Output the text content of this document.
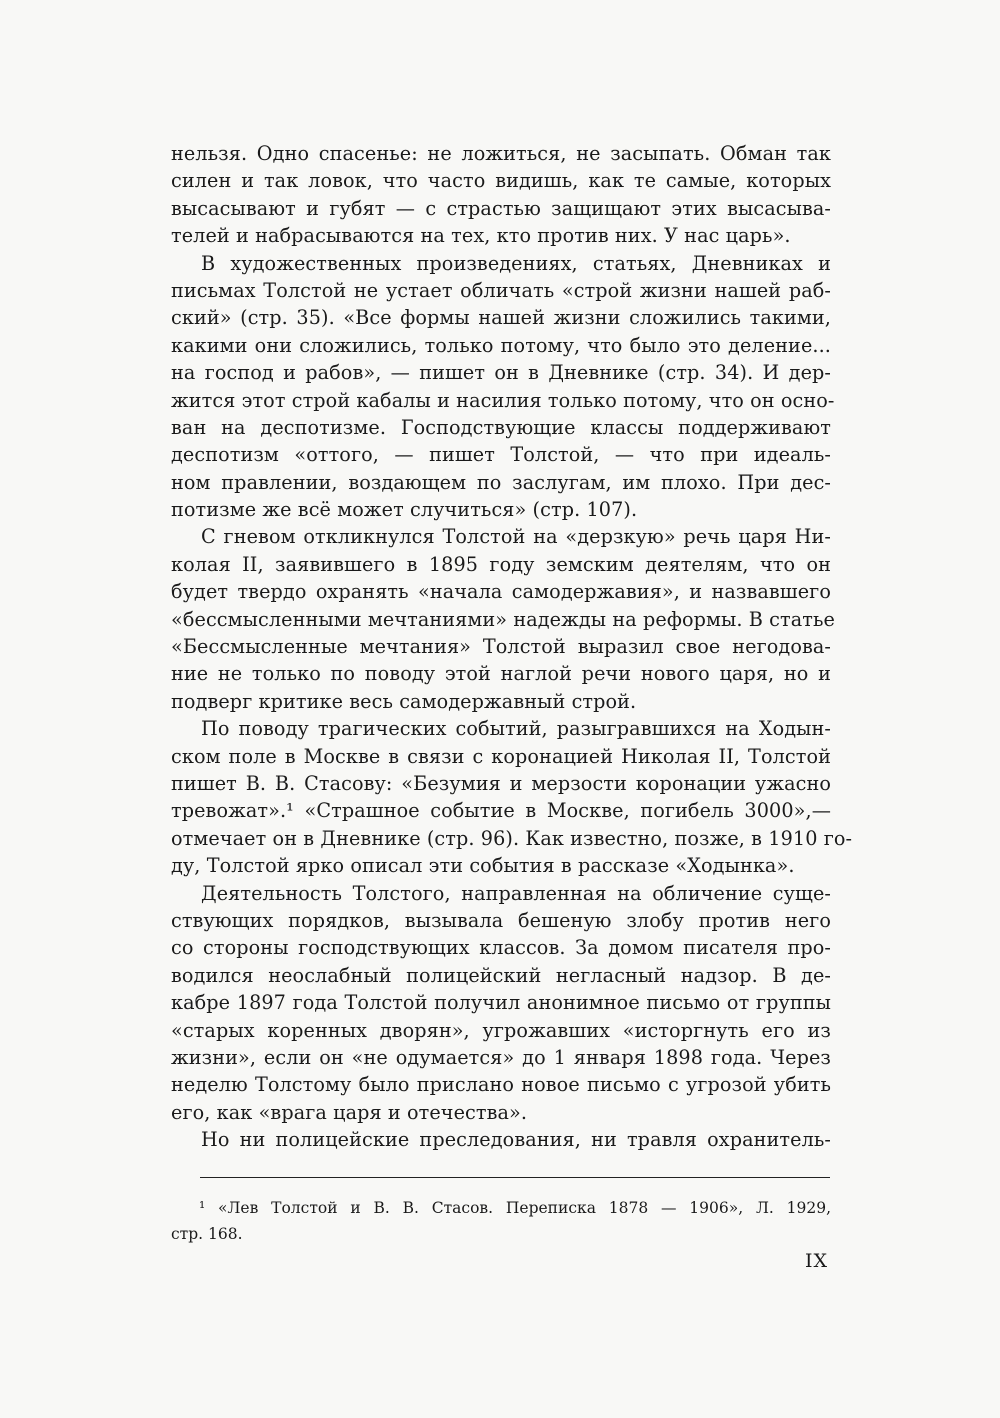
нельзя. Одно спасенье: не ложиться, не засыпать. Обман так
силен и так ловок, что часто видишь, как те самые, которых
высасывают и губят — с страстью защищают этих высасыва-
телей и набрасываются на тех, кто против них. У нас царь».
В художественных произведениях, статьях, Дневниках и
письмах Толстой не устает обличать «строй жизни нашей раб-
ский» (стр. 35). «Все формы нашей жизни сложились такими,
какими они сложились, только потому, что было это деление...
на господ и рабов», — пишет он в Дневнике (стр. 34). И дер-
жится этот строй кабалы и насилия только потому, что он осно-
ван на деспотизме. Господствующие классы поддерживают
деспотизм «оттого, — пишет Толстой, — что при идеаль-
ном правлении, воздающем по заслугам, им плохо. При дес-
потизме же всё может случиться» (стр. 107).
С гневом откликнулся Толстой на «дерзкую» речь царя Ни-
колая II, заявившего в 1895 году земским деятелям, что он
будет твердо охранять «начала самодержавия», и назвавшего
«бессмысленными мечтаниями» надежды на реформы. В статье
«Бессмысленные мечтания» Толстой выразил свое негодова-
ние не только по поводу этой наглой речи нового царя, но и
подверг критике весь самодержавный строй.
По поводу трагических событий, разыгравшихся на Ходын-
ском поле в Москве в связи с коронацией Николая II, Толстой
пишет В. В. Стасову: «Безумия и мерзости коронации ужасно
тревожат».¹ «Страшное событие в Москве, погибель 3000»,—
отмечает он в Дневнике (стр. 96). Как известно, позже, в 1910 го-
ду, Толстой ярко описал эти события в рассказе «Ходынка».
Деятельность Толстого, направленная на обличение суще-
ствующих порядков, вызывала бешеную злобу против него
со стороны господствующих классов. За домом писателя про-
водился неослабный полицейский негласный надзор. В де-
кабре 1897 года Толстой получил анонимное письмо от группы
«старых коренных дворян», угрожавших «исторгнуть его из
жизни», если он «не одумается» до 1 января 1898 года. Через
неделю Толстому было прислано новое письмо с угрозой убить
его, как «врага царя и отечества».
Но ни полицейские преследования, ни травля охранитель-
¹ «Лев Толстой и В. В. Стасов. Переписка 1878 — 1906», Л. 1929,
стр. 168.
IX
